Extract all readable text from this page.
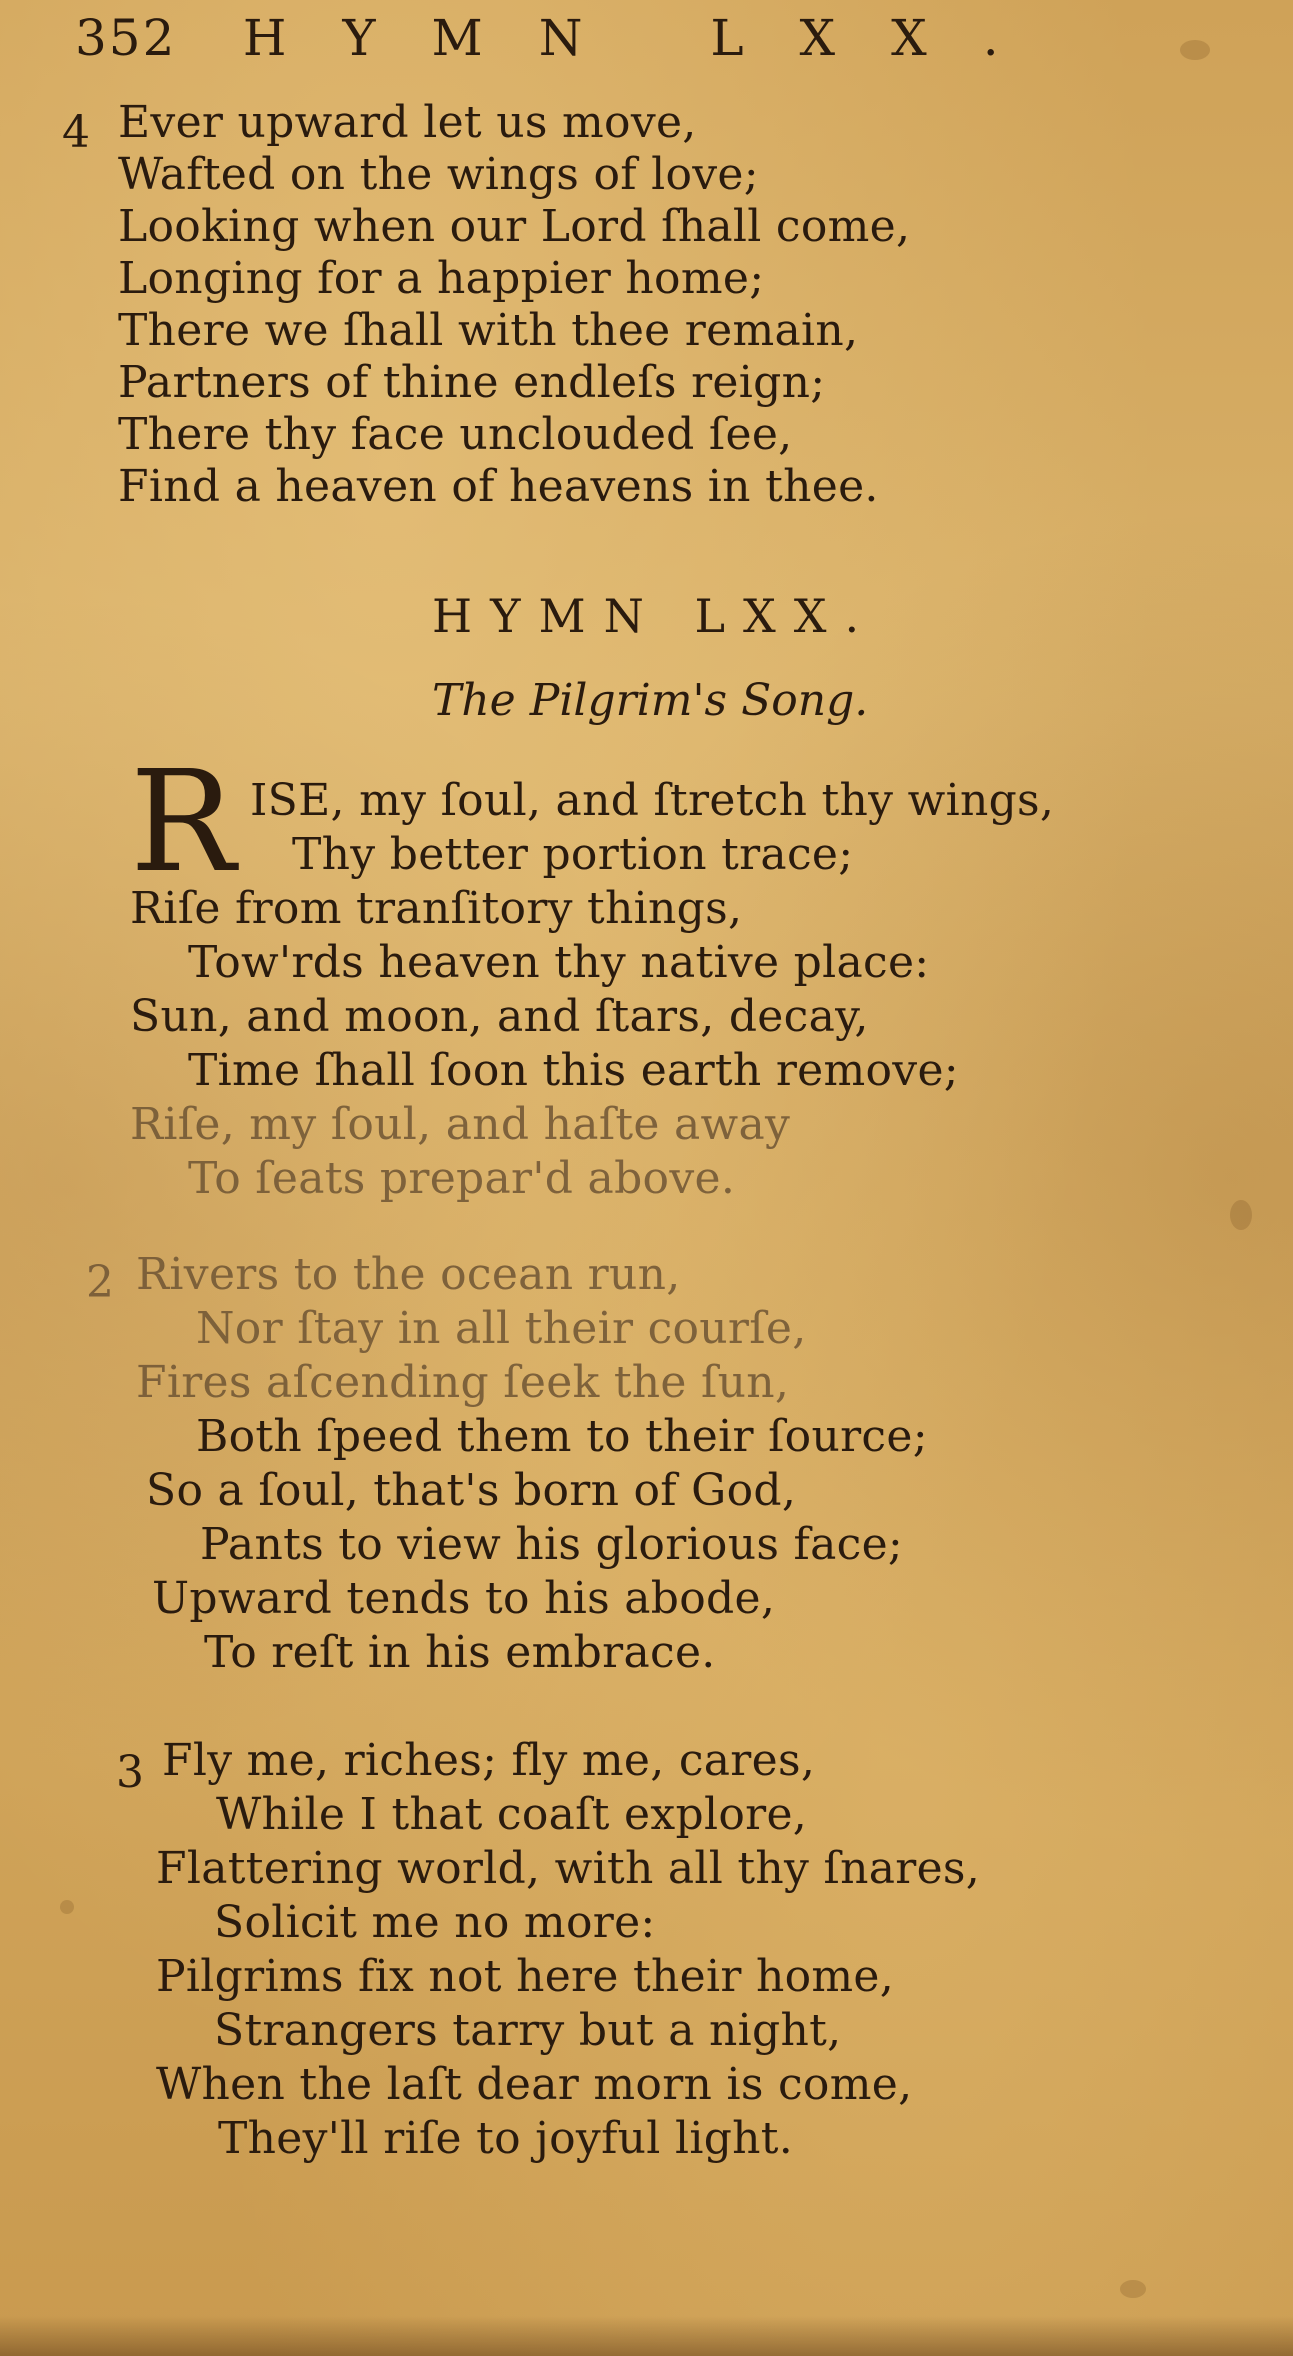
352 HYMN LXX.
4 Ever upward let us move,
Wafted on the wings of love;
Looking when our Lord ſhall come,
Longing for a happier home;
There we ſhall with thee remain,
Partners of thine endleſs reign;
There thy face unclouded ſee,
Find a heaven of heavens in thee.
HYMN LXX.
The Pilgrim's Song.
R ISE, my ſoul, and ſtretch thy wings,
Thy better portion trace;
Riſe from tranſitory things,
Tow'rds heaven thy native place:
Sun, and moon, and ſtars, decay,
Time ſhall ſoon this earth remove;
Riſe, my ſoul, and haſte away
To ſeats prepar'd above.
2 Rivers to the ocean run,
Nor ſtay in all their courſe,
Fires aſcending ſeek the ſun,
Both ſpeed them to their ſource;
So a ſoul, that's born of God,
Pants to view his glorious face;
Upward tends to his abode,
To reſt in his embrace.
3 Fly me, riches; fly me, cares,
While I that coaſt explore,
Flattering world, with all thy ſnares,
Solicit me no more:
Pilgrims fix not here their home,
Strangers tarry but a night,
When the laſt dear morn is come,
They'll riſe to joyful light.
